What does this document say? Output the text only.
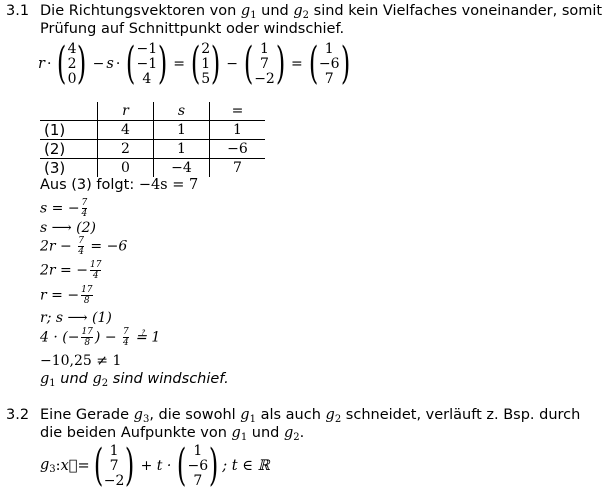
3.1 Die Richtungsvektoren von $g_1$ und $g_2$ sind kein Vielfaches voneinander, somit
Prüfung auf Schnittpunkt oder windschief.
r · ( 4
2
0 ) − s · ( −1
−1
4 ) = ( 2
1
5 ) − ( 1
7
−2 ) = ( 1
−6
7 )
	r	s	=
(1)	4	1	1
(2)	2	1	−6
(3)	0	−4	7
Aus (3) folgt: −4s = 7
s = − $\frac{7}{4}$
s ⟶ (2)
$2r - \frac{7}{4} = -6$
2r = − $\frac{17}{4}$
r = − $\frac{17}{8}$
r; s ⟶ (1)
4 · (− $\frac{17}{8}$ ) − $\frac{7}{4}$ ≟ 1
−10,25 ≠ 1
$g_1$ und $g_2$ sind windschief.
3.2 Eine Gerade $g_3$, die sowohl $g_1$ als auch $g_2$ schneidet, verläuft z. Bsp. durch
die beiden Aufpunkte von $g_1$ und $g_2$.
$g_3$ : x⃗ = ( 1
7
−2 ) + t · ( 1
−6
7 ) ; t ∈ ℝ
